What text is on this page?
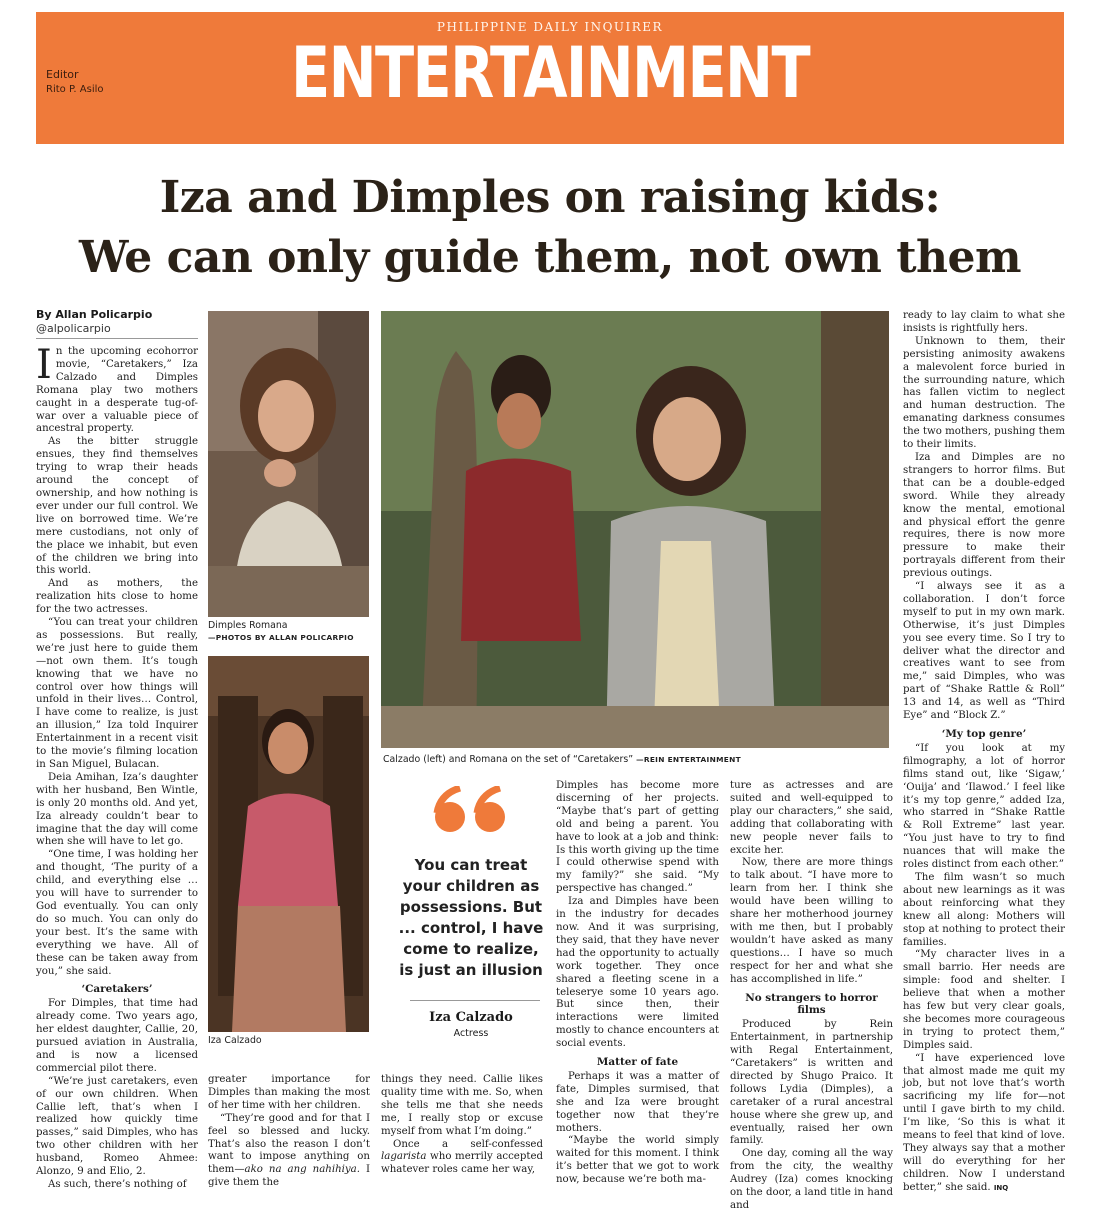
PHILIPPINE DAILY INQUIRER
ENTERTAINMENT
Editor
Rito P. Asilo
Iza and Dimples on raising kids:
We can only guide them, not own them
By Allan Policarpio
@alpolicarpio

In the upcoming ecohorror movie, “Caretakers,” Iza Calzado and Dimples Romana play two mothers caught in a desperate tug-of-war over a valuable piece of ancestral property.

As the bitter struggle ensues, they find themselves trying to wrap their heads around the concept of ownership, and how nothing is ever under our full control. We live on borrowed time. We’re mere custodians, not only of the place we inhabit, but even of the children we bring into this world.

And as mothers, the realization hits close to home for the two actresses.

“You can treat your children as possessions. But really, we’re just here to guide them—not own them. It’s tough knowing that we have no control over how things will unfold in their lives… Control, I have come to realize, is just an illusion,” Iza told Inquirer Entertainment in a recent visit to the movie’s filming location in San Miguel, Bulacan.

Deia Amihan, Iza’s daughter with her husband, Ben Wintle, is only 20 months old. And yet, Iza already couldn’t bear to imagine that the day will come when she will have to let go.

“One time, I was holding her and thought, ‘The purity of a child, and everything else … you will have to surrender to God eventually. You can only do so much. You can only do your best. It’s the same with everything we have. All of these can be taken away from you,” she said.

‘Caretakers’

For Dimples, that time had already come. Two years ago, her eldest daughter, Callie, 20, pursued aviation in Australia, and is now a licensed commercial pilot there.

“We’re just caretakers, even of our own children. When Callie left, that’s when I realized how quickly time passes,” said Dimples, who has two other children with her husband, Romeo Ahmee: Alonzo, 9 and Elio, 2.

As such, there’s nothing of

Dimples Romana
—PHOTOS BY ALLAN POLICARPIO
Iza Calzado

greater importance for Dimples than making the most of her time with her children.

“They’re good and for that I feel so blessed and lucky. That’s also the reason I don’t want to impose anything on them—ako na ang nahihiya. I give them the

Calzado (left) and Romana on the set of “Caretakers” —REIN ENTERTAINMENT
You can treat your children as possessions. But ... control, I have come to realize, is just an illusion
Iza Calzado
Actress

things they need. Callie likes quality time with me. So, when she tells me that she needs me, I really stop or excuse myself from what I’m doing.”

Once a self-confessed lagarista who merrily accepted whatever roles came her way,

Dimples has become more discerning of her projects. “Maybe that’s part of getting old and being a parent. You have to look at a job and think: Is this worth giving up the time I could otherwise spend with my family?” she said. “My perspective has changed.”

Iza and Dimples have been in the industry for decades now. And it was surprising, they said, that they have never had the opportunity to actually work together. They once shared a fleeting scene in a teleserye some 10 years ago. But since then, their interactions were limited mostly to chance encounters at social events.

Matter of fate

Perhaps it was a matter of fate, Dimples surmised, that she and Iza were brought together now that they’re mothers.

“Maybe the world simply waited for this moment. I think it’s better that we got to work now, because we’re both ma-

ture as actresses and are suited and well-equipped to play our characters,” she said, adding that collaborating with new people never fails to excite her.

Now, there are more things to talk about. “I have more to learn from her. I think she would have been willing to share her motherhood journey with me then, but I probably wouldn’t have asked as many questions… I have so much respect for her and what she has accomplished in life.”

No strangers to horror films

Produced by Rein Entertainment, in partnership with Regal Entertainment, “Caretakers” is written and directed by Shugo Praico. It follows Lydia (Dimples), a caretaker of a rural ancestral house where she grew up, and eventually, raised her own family.

One day, coming all the way from the city, the wealthy Audrey (Iza) comes knocking on the door, a land title in hand and

ready to lay claim to what she insists is rightfully hers.

Unknown to them, their persisting animosity awakens a malevolent force buried in the surrounding nature, which has fallen victim to neglect and human destruction. The emanating darkness consumes the two mothers, pushing them to their limits.

Iza and Dimples are no strangers to horror films. But that can be a double-edged sword. While they already know the mental, emotional and physical effort the genre requires, there is now more pressure to make their portrayals different from their previous outings.

“I always see it as a collaboration. I don’t force myself to put in my own mark. Otherwise, it’s just Dimples you see every time. So I try to deliver what the director and creatives want to see from me,” said Dimples, who was part of “Shake Rattle & Roll” 13 and 14, as well as “Third Eye” and “Block Z.”

‘My top genre’

“If you look at my filmography, a lot of horror films stand out, like ‘Sigaw,’ ‘Ouija’ and ‘Ilawod.’ I feel like it’s my top genre,” added Iza, who starred in “Shake Rattle & Roll Extreme” last year. “You just have to try to find nuances that will make the roles distinct from each other.”

The film wasn’t so much about new learnings as it was about reinforcing what they knew all along: Mothers will stop at nothing to protect their families.

“My character lives in a small barrio. Her needs are simple: food and shelter. I believe that when a mother has few but very clear goals, she becomes more courageous in trying to protect them,” Dimples said.

“I have experienced love that almost made me quit my job, but not love that’s worth sacrificing my life for—not until I gave birth to my child. I’m like, ‘So this is what it means to feel that kind of love. They always say that a mother will do everything for her children. Now I understand better,” she said. INQ
